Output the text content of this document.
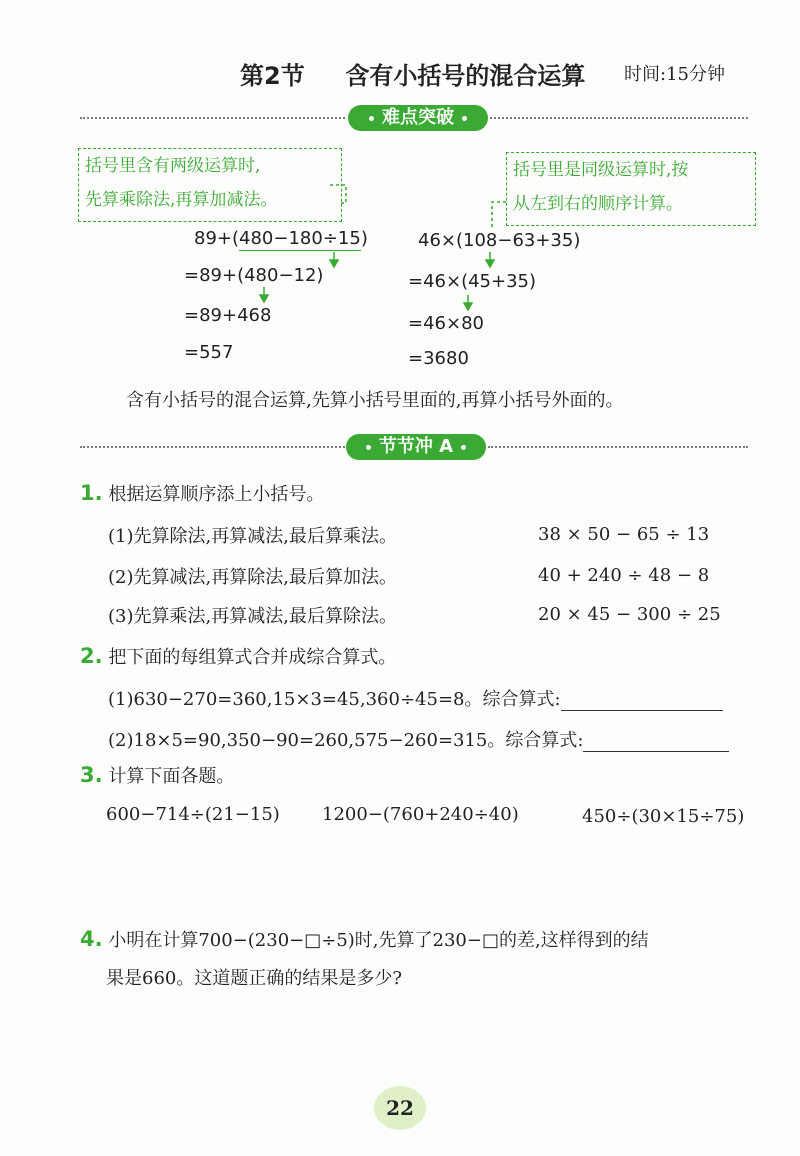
第2节 含有小括号的混合运算 时间:15分钟
难点突破
括号里含有两级运算时,
先算乘除法,再算加减法。
括号里是同级运算时,按
从左到右的顺序计算。
89+(480−180÷15)
=89+(480−12)
=89+468
=557
46×(108−63+35)
=46×(45+35)
=46×80
=3680
含有小括号的混合运算,先算小括号里面的,再算小括号外面的。
节节冲 A
1. 根据运算顺序添上小括号。
(1)先算除法,再算减法,最后算乘法。	38 × 50 − 65 ÷ 13
(2)先算减法,再算除法,最后算加法。	40 + 240 ÷ 48 − 8
(3)先算乘法,再算减法,最后算除法。	20 × 45 − 300 ÷ 25
2. 把下面的每组算式合并成综合算式。
(1)630−270=360,15×3=45,360÷45=8。综合算式:
(2)18×5=90,350−90=260,575−260=315。综合算式:
3. 计算下面各题。
600−714÷(21−15) 1200−(760+240÷40)	450÷(30×15÷75)
4. 小明在计算700−(230−□÷5)时,先算了230−□的差,这样得到的结
果是660。这道题正确的结果是多少?
22
